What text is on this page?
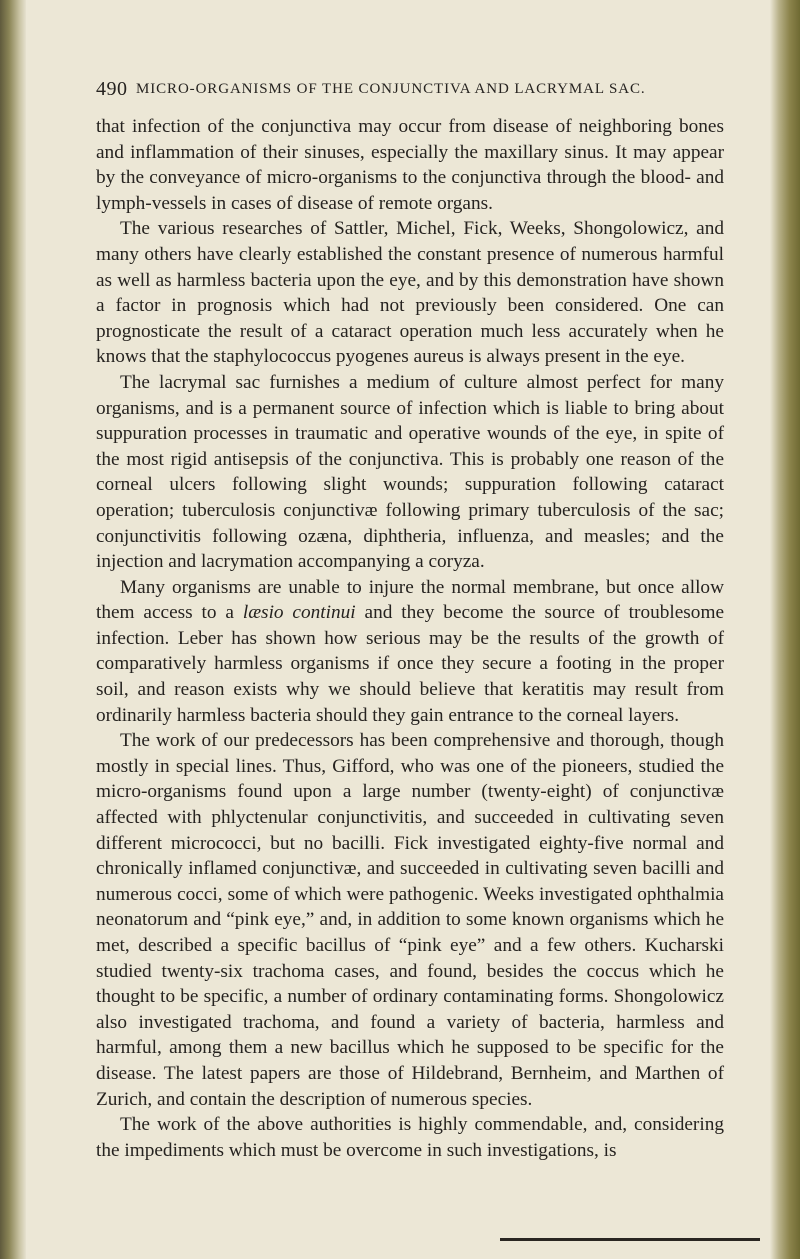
490 MICRO-ORGANISMS OF THE CONJUNCTIVA AND LACRYMAL SAC.

that infection of the conjunctiva may occur from disease of neighboring bones and inflammation of their sinuses, especially the maxillary sinus. It may appear by the conveyance of micro-organisms to the conjunctiva through the blood- and lymph-vessels in cases of disease of remote organs.

The various researches of Sattler, Michel, Fick, Weeks, Shongolowicz, and many others have clearly established the constant presence of numerous harmful as well as harmless bacteria upon the eye, and by this demonstration have shown a factor in prognosis which had not previously been considered. One can prognosticate the result of a cataract operation much less accurately when he knows that the staphylococcus pyogenes aureus is always present in the eye.

The lacrymal sac furnishes a medium of culture almost perfect for many organisms, and is a permanent source of infection which is liable to bring about suppuration processes in traumatic and operative wounds of the eye, in spite of the most rigid antisepsis of the conjunctiva. This is probably one reason of the corneal ulcers following slight wounds; suppuration following cataract operation; tuberculosis conjunctivæ following primary tuberculosis of the sac; conjunctivitis following ozæna, diphtheria, influenza, and measles; and the injection and lacrymation accompanying a coryza.

Many organisms are unable to injure the normal membrane, but once allow them access to a læsio continui and they become the source of troublesome infection. Leber has shown how serious may be the results of the growth of comparatively harmless organisms if once they secure a footing in the proper soil, and reason exists why we should believe that keratitis may result from ordinarily harmless bacteria should they gain entrance to the corneal layers.

The work of our predecessors has been comprehensive and thorough, though mostly in special lines. Thus, Gifford, who was one of the pioneers, studied the micro-organisms found upon a large number (twenty-eight) of conjunctivæ affected with phlyctenular conjunctivitis, and succeeded in cultivating seven different micrococci, but no bacilli. Fick investigated eighty-five normal and chronically inflamed conjunctivæ, and succeeded in cultivating seven bacilli and numerous cocci, some of which were pathogenic. Weeks investigated ophthalmia neonatorum and “pink eye,” and, in addition to some known organisms which he met, described a specific bacillus of “pink eye” and a few others. Kucharski studied twenty-six trachoma cases, and found, besides the coccus which he thought to be specific, a number of ordinary contaminating forms. Shongolowicz also investigated trachoma, and found a variety of bacteria, harmless and harmful, among them a new bacillus which he supposed to be specific for the disease. The latest papers are those of Hildebrand, Bernheim, and Marthen of Zurich, and contain the description of numerous species.

The work of the above authorities is highly commendable, and, considering the impediments which must be overcome in such investigations, is
